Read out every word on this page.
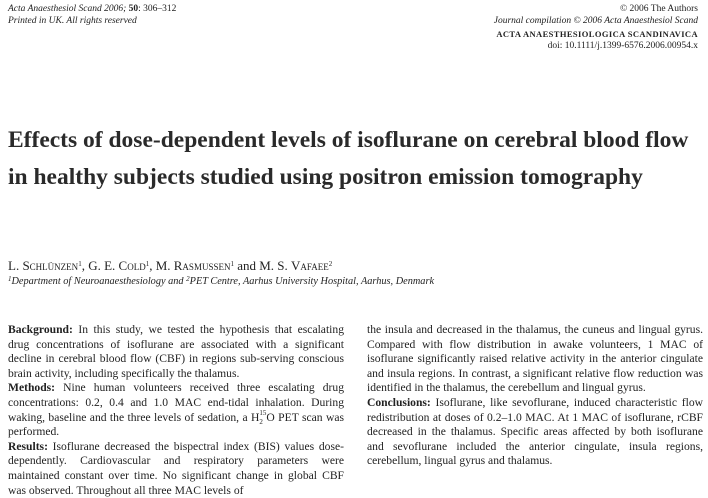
Acta Anaesthesiol Scand 2006; 50: 306–312
Printed in UK. All rights reserved
© 2006 The Authors
Journal compilation © 2006 Acta Anaesthesiol Scand
ACTA ANAESTHESIOLOGICA SCANDINAVICA
doi: 10.1111/j.1399-6576.2006.00954.x
Effects of dose-dependent levels of isoflurane on cerebral blood flow in healthy subjects studied using positron emission tomography
L. Schlünzen$^1$, G. E. Cold$^1$, M. Rasmussen$^1$ and M. S. Vafaee$^2$
$^1$Department of Neuroanaesthesiology and $^2$PET Centre, Aarhus University Hospital, Aarhus, Denmark

Background: In this study, we tested the hypothesis that escalating drug concentrations of isoflurane are associated with a significant decline in cerebral blood flow (CBF) in regions sub-serving conscious brain activity, including specifically the thalamus.

Methods: Nine human volunteers received three escalating drug concentrations: 0.2, 0.4 and 1.0 MAC end-tidal inhalation. During waking, baseline and the three levels of sedation, a $H^{15}$
2 O PET scan was performed.

Results: Isoflurane decreased the bispectral index (BIS) values dose-dependently. Cardiovascular and respiratory parameters were maintained constant over time. No significant change in global CBF was observed. Throughout all three MAC levels of

the insula and decreased in the thalamus, the cuneus and lingual gyrus. Compared with flow distribution in awake volunteers, 1 MAC of isoflurane significantly raised relative activity in the anterior cingulate and insula regions. In contrast, a significant relative flow reduction was identified in the thalamus, the cerebellum and lingual gyrus.

Conclusions: Isoflurane, like sevoflurane, induced characteristic flow redistribution at doses of 0.2–1.0 MAC. At 1 MAC of isoflurane, rCBF decreased in the thalamus. Specific areas affected by both isoflurane and sevoflurane included the anterior cingulate, insula regions, cerebellum, lingual gyrus and thalamus.
